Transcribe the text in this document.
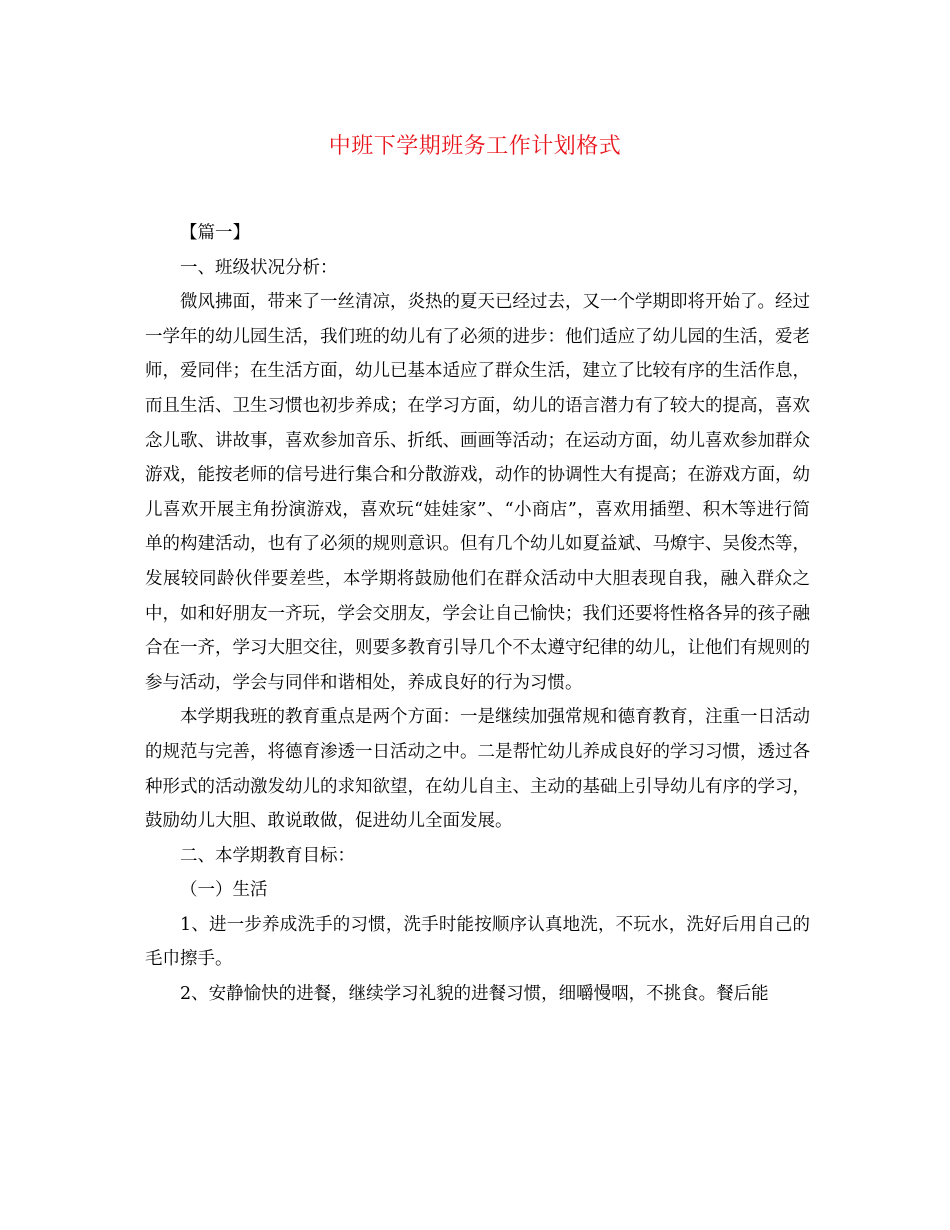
中班下学期班务工作计划格式

【篇一】

一、班级状况分析：

微风拂面，带来了一丝清凉，炎热的夏天已经过去，又一个学期即将开始了。经过一学年的幼儿园生活，我们班的幼儿有了必须的进步：他们适应了幼儿园的生活，爱老师，爱同伴；在生活方面，幼儿已基本适应了群众生活，建立了比较有序的生活作息，而且生活、卫生习惯也初步养成；在学习方面，幼儿的语言潜力有了较大的提高，喜欢念儿歌、讲故事，喜欢参加音乐、折纸、画画等活动；在运动方面，幼儿喜欢参加群众游戏，能按老师的信号进行集合和分散游戏，动作的协调性大有提高；在游戏方面，幼儿喜欢开展主角扮演游戏，喜欢玩“娃娃家”、“小商店”，喜欢用插塑、积木等进行简单的构建活动，也有了必须的规则意识。但有几个幼儿如夏益斌、马燎宇、吴俊杰等，发展较同龄伙伴要差些，本学期将鼓励他们在群众活动中大胆表现自我，融入群众之中，如和好朋友一齐玩，学会交朋友，学会让自己愉快；我们还要将性格各异的孩子融合在一齐，学习大胆交往，则要多教育引导几个不太遵守纪律的幼儿，让他们有规则的参与活动，学会与同伴和谐相处，养成良好的行为习惯。

本学期我班的教育重点是两个方面：一是继续加强常规和德育教育，注重一日活动的规范与完善，将德育渗透一日活动之中。二是帮忙幼儿养成良好的学习习惯，透过各种形式的活动激发幼儿的求知欲望，在幼儿自主、主动的基础上引导幼儿有序的学习，鼓励幼儿大胆、敢说敢做，促进幼儿全面发展。

二、本学期教育目标：

（一）生活

1、进一步养成洗手的习惯，洗手时能按顺序认真地洗，不玩水，洗好后用自己的毛巾擦手。

2、安静愉快的进餐，继续学习礼貌的进餐习惯，细嚼慢咽，不挑食。餐后能
